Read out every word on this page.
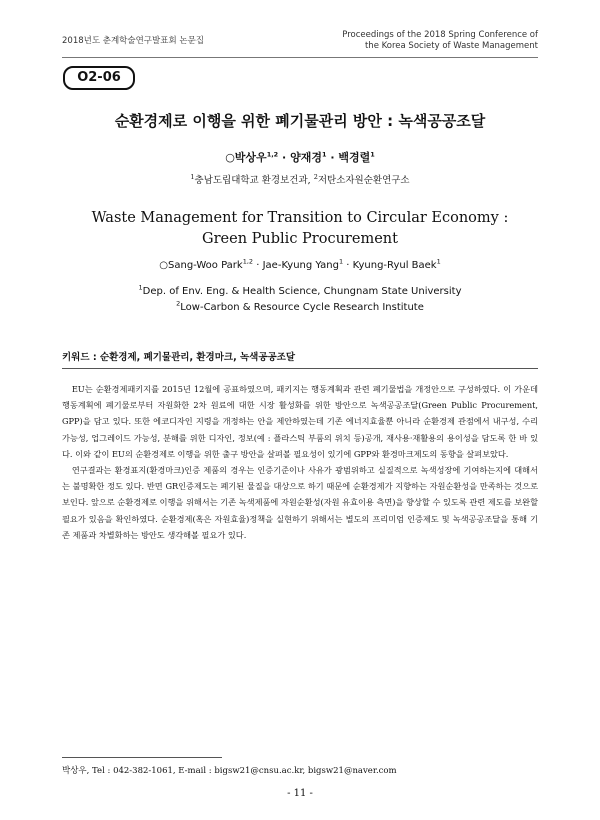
2018년도 춘계학술연구발표회 논문집
Proceedings of the 2018 Spring Conference of
the Korea Society of Waste Management
O2-06
순환경제로 이행을 위한 폐기물관리 방안 : 녹색공공조달
○박상우$^{1,2}$ · 양재경$^1$ · 백경렬$^1$
$^1$충남도립대학교 환경보건과, $^2$저탄소자원순환연구소
Waste Management for Transition to Circular Economy :
Green Public Procurement
○Sang-Woo Park$^{1,2}$ · Jae-Kyung Yang$^1$ · Kyung-Ryul Baek$^1$
$^1$Dep. of Env. Eng. & Health Science, Chungnam State University
$^2$Low-Carbon & Resource Cycle Research Institute
키워드 : 순환경제, 폐기물관리, 환경마크, 녹색공공조달

EU는 순환경제패키지를 2015년 12월에 공표하였으며, 패키지는 행동계획과 관련 폐기물법을 개정안으로 구성하였다. 이 가운데 행동계획에 폐기물로부터 자원화한 2차 원료에 대한 시장 활성화를 위한 방안으로 녹색공공조달(Green Public Procurement, GPP)을 담고 있다. 또한 에코디자인 지령을 개정하는 안을 제안하였는데 기존 에너지효율뿐 아니라 순환경제 관점에서 내구성, 수리 가능성, 업그레이드 가능성, 분해를 위한 디자인, 정보(예 : 플라스틱 부품의 위치 등)공개, 재사용·재활용의 용이성을 담도록 한 바 있다. 이와 같이 EU의 순환경제로 이행을 위한 출구 방안을 살펴볼 필요성이 있기에 GPP와 환경마크제도의 동향을 살펴보았다.

연구결과는 환경표지(환경마크)인증 제품의 경우는 인증기준이나 사유가 광범위하고 실질적으로 녹색성장에 기여하는지에 대해서는 불명확한 정도 있다. 반면 GR인증제도는 폐기된 물질을 대상으로 하기 때문에 순환경제가 지향하는 자원순환성을 만족하는 것으로 보인다. 앞으로 순환경제로 이행을 위해서는 기존 녹색제품에 자원순환성(자원 유효이용 측면)을 향상할 수 있도록 관련 제도를 보완할 필요가 있음을 확인하였다. 순환경제(혹은 자원효율)정책을 실현하기 위해서는 별도의 프리미엄 인증제도 및 녹색공공조달을 통해 기존 제품과 차별화하는 방안도 생각해볼 필요가 있다.

박상우, Tel : 042-382-1061, E-mail : bigsw21@cnsu.ac.kr, bigsw21@naver.com
- 11 -
